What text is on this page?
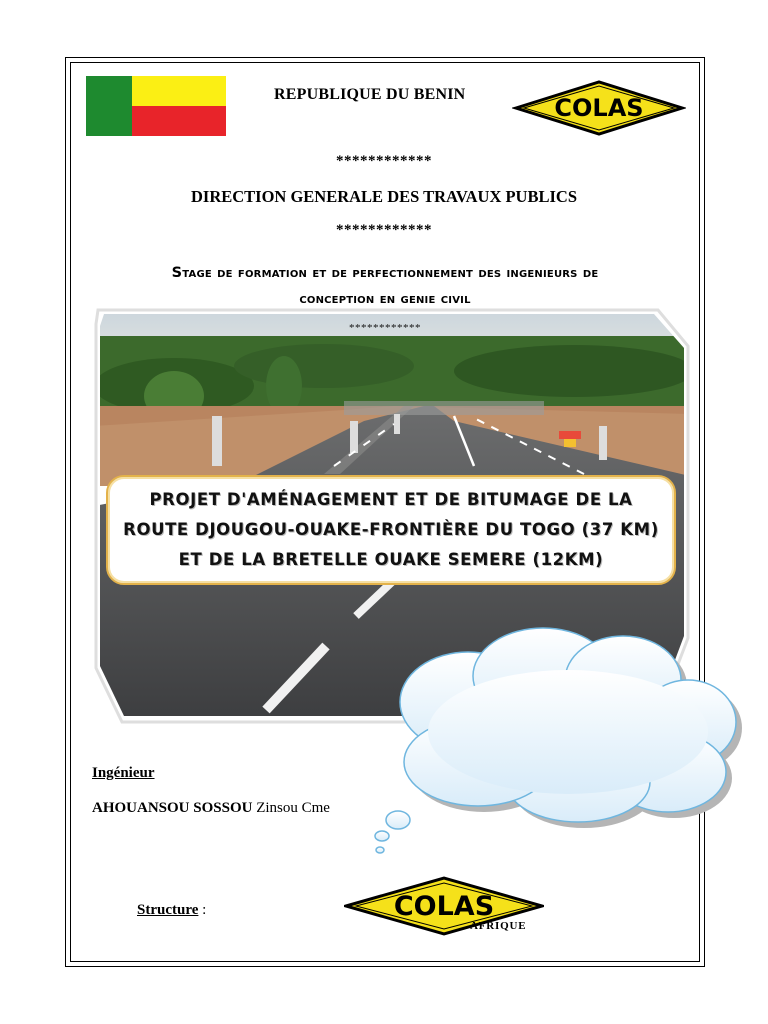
REPUBLIQUE DU BENIN	COLAS
************
DIRECTION GENERALE DES TRAVAUX PUBLICS
************
Stage de formation et de perfectionnement des ingenieurs de
conception en genie civil
************
PROJET D'AMÉNAGEMENT ET DE BITUMAGE DE LA
ROUTE DJOUGOU-OUAKE-FRONTIÈRE DU TOGO (37 KM)
ET DE LA BRETELLE OUAKE SEMERE (12KM)
Ingénieur
AHOUANSOU SOSSOU Zinsou Cme
Structure :	COLAS
AFRIQUE
